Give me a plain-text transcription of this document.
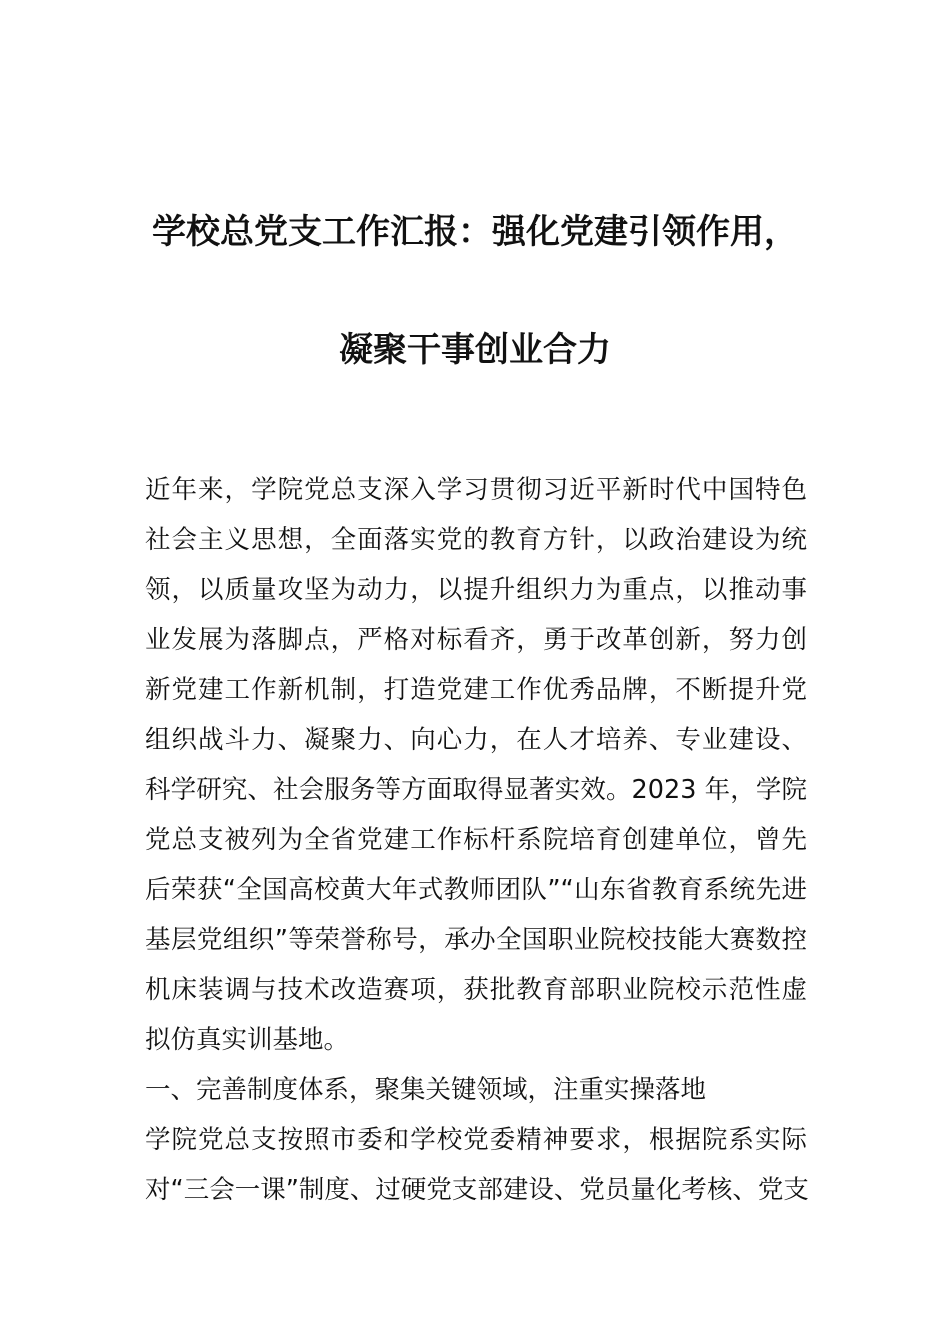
学校总党支工作汇报：强化党建引领作用，
凝聚干事创业合力
近年来，学院党总支深入学习贯彻习近平新时代中国特色
社会主义思想，全面落实党的教育方针，以政治建设为统
领，以质量攻坚为动力，以提升组织力为重点，以推动事
业发展为落脚点，严格对标看齐，勇于改革创新，努力创
新党建工作新机制，打造党建工作优秀品牌，不断提升党
组织战斗力、凝聚力、向心力，在人才培养、专业建设、
科学研究、社会服务等方面取得显著实效。2023 年，学院
党总支被列为全省党建工作标杆系院培育创建单位，曾先
后荣获“全国高校黄大年式教师团队”“山东省教育系统先进
基层党组织”等荣誉称号，承办全国职业院校技能大赛数控
机床装调与技术改造赛项，获批教育部职业院校示范性虚
拟仿真实训基地。
一、完善制度体系，聚集关键领域，注重实操落地
学院党总支按照市委和学校党委精神要求，根据院系实际
对“三会一课”制度、过硬党支部建设、党员量化考核、党支
